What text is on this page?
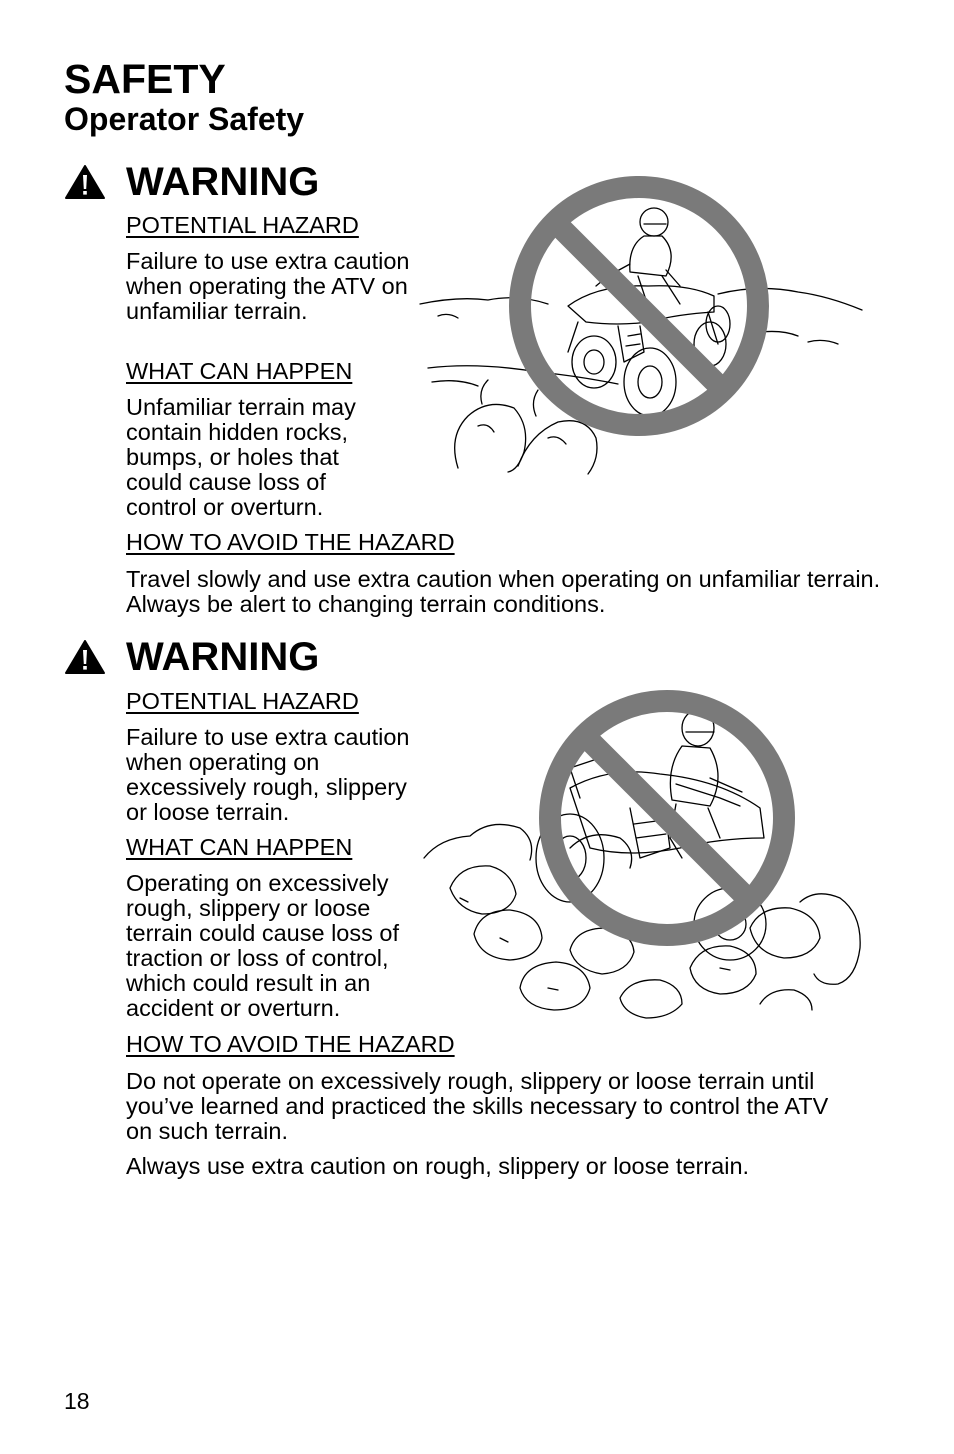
SAFETY
Operator Safety
WARNING

POTENTIAL HAZARD

Failure to use extra caution when operating the ATV on unfamiliar terrain.

WHAT CAN HAPPEN

Unfamiliar terrain may contain hidden rocks, bumps, or holes that could cause loss of control or overturn.

HOW TO AVOID THE HAZARD

Travel slowly and use extra caution when operating on unfamiliar terrain. Always be alert to changing terrain conditions.

WARNING

POTENTIAL HAZARD

Failure to use extra caution when operating on excessively rough, slippery or loose terrain.

WHAT CAN HAPPEN

Operating on excessively rough, slippery or loose terrain could cause loss of traction or loss of control, which could result in an accident or overturn.

HOW TO AVOID THE HAZARD

Do not operate on excessively rough, slippery or loose terrain until you’ve learned and practiced the skills necessary to control the ATV on such terrain.

Always use extra caution on rough, slippery or loose terrain.

18
